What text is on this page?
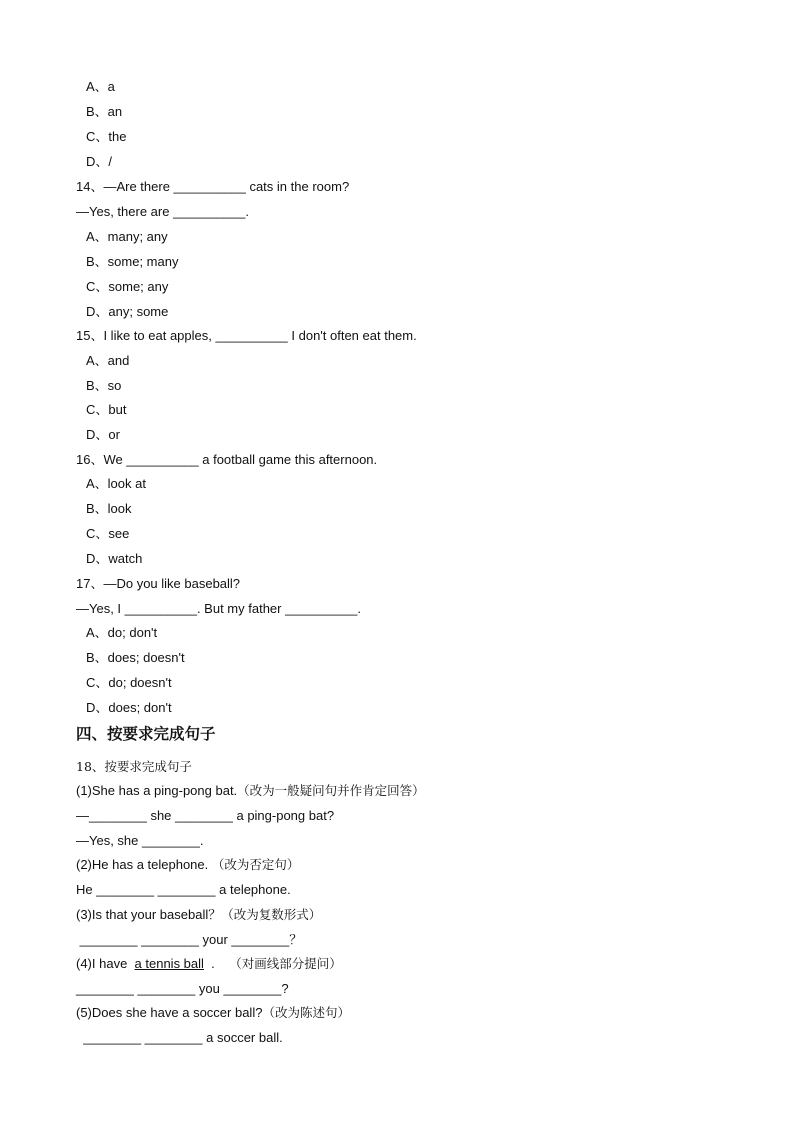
A、a
B、an
C、the
D、/
14、—Are there __________ cats in the room?
—Yes, there are __________.
A、many; any
B、some; many
C、some; any
D、any; some
15、I like to eat apples, __________ I don't often eat them.
A、and
B、so
C、but
D、or
16、We __________ a football game this afternoon.
A、look at
B、look
C、see
D、watch
17、—Do you like baseball?
—Yes, I __________. But my father __________.
A、do; don't
B、does; doesn't
C、do; doesn't
D、does; don't
四、按要求完成句子
18、按要求完成句子
(1)She has a ping-pong bat.（改为一般疑问句并作肯定回答）
—________ she ________ a ping-pong bat?
—Yes, she ________.
(2)He has a telephone. （改为否定句）
He ________ ________ a telephone.
(3)Is that your baseball？（改为复数形式）
________ ________ your ________？
(4)I have  a tennis ball  .    （对画线部分提问）
________ ________ you ________?
(5)Does she have a soccer ball?（改为陈述句）
________ ________ a soccer ball.
